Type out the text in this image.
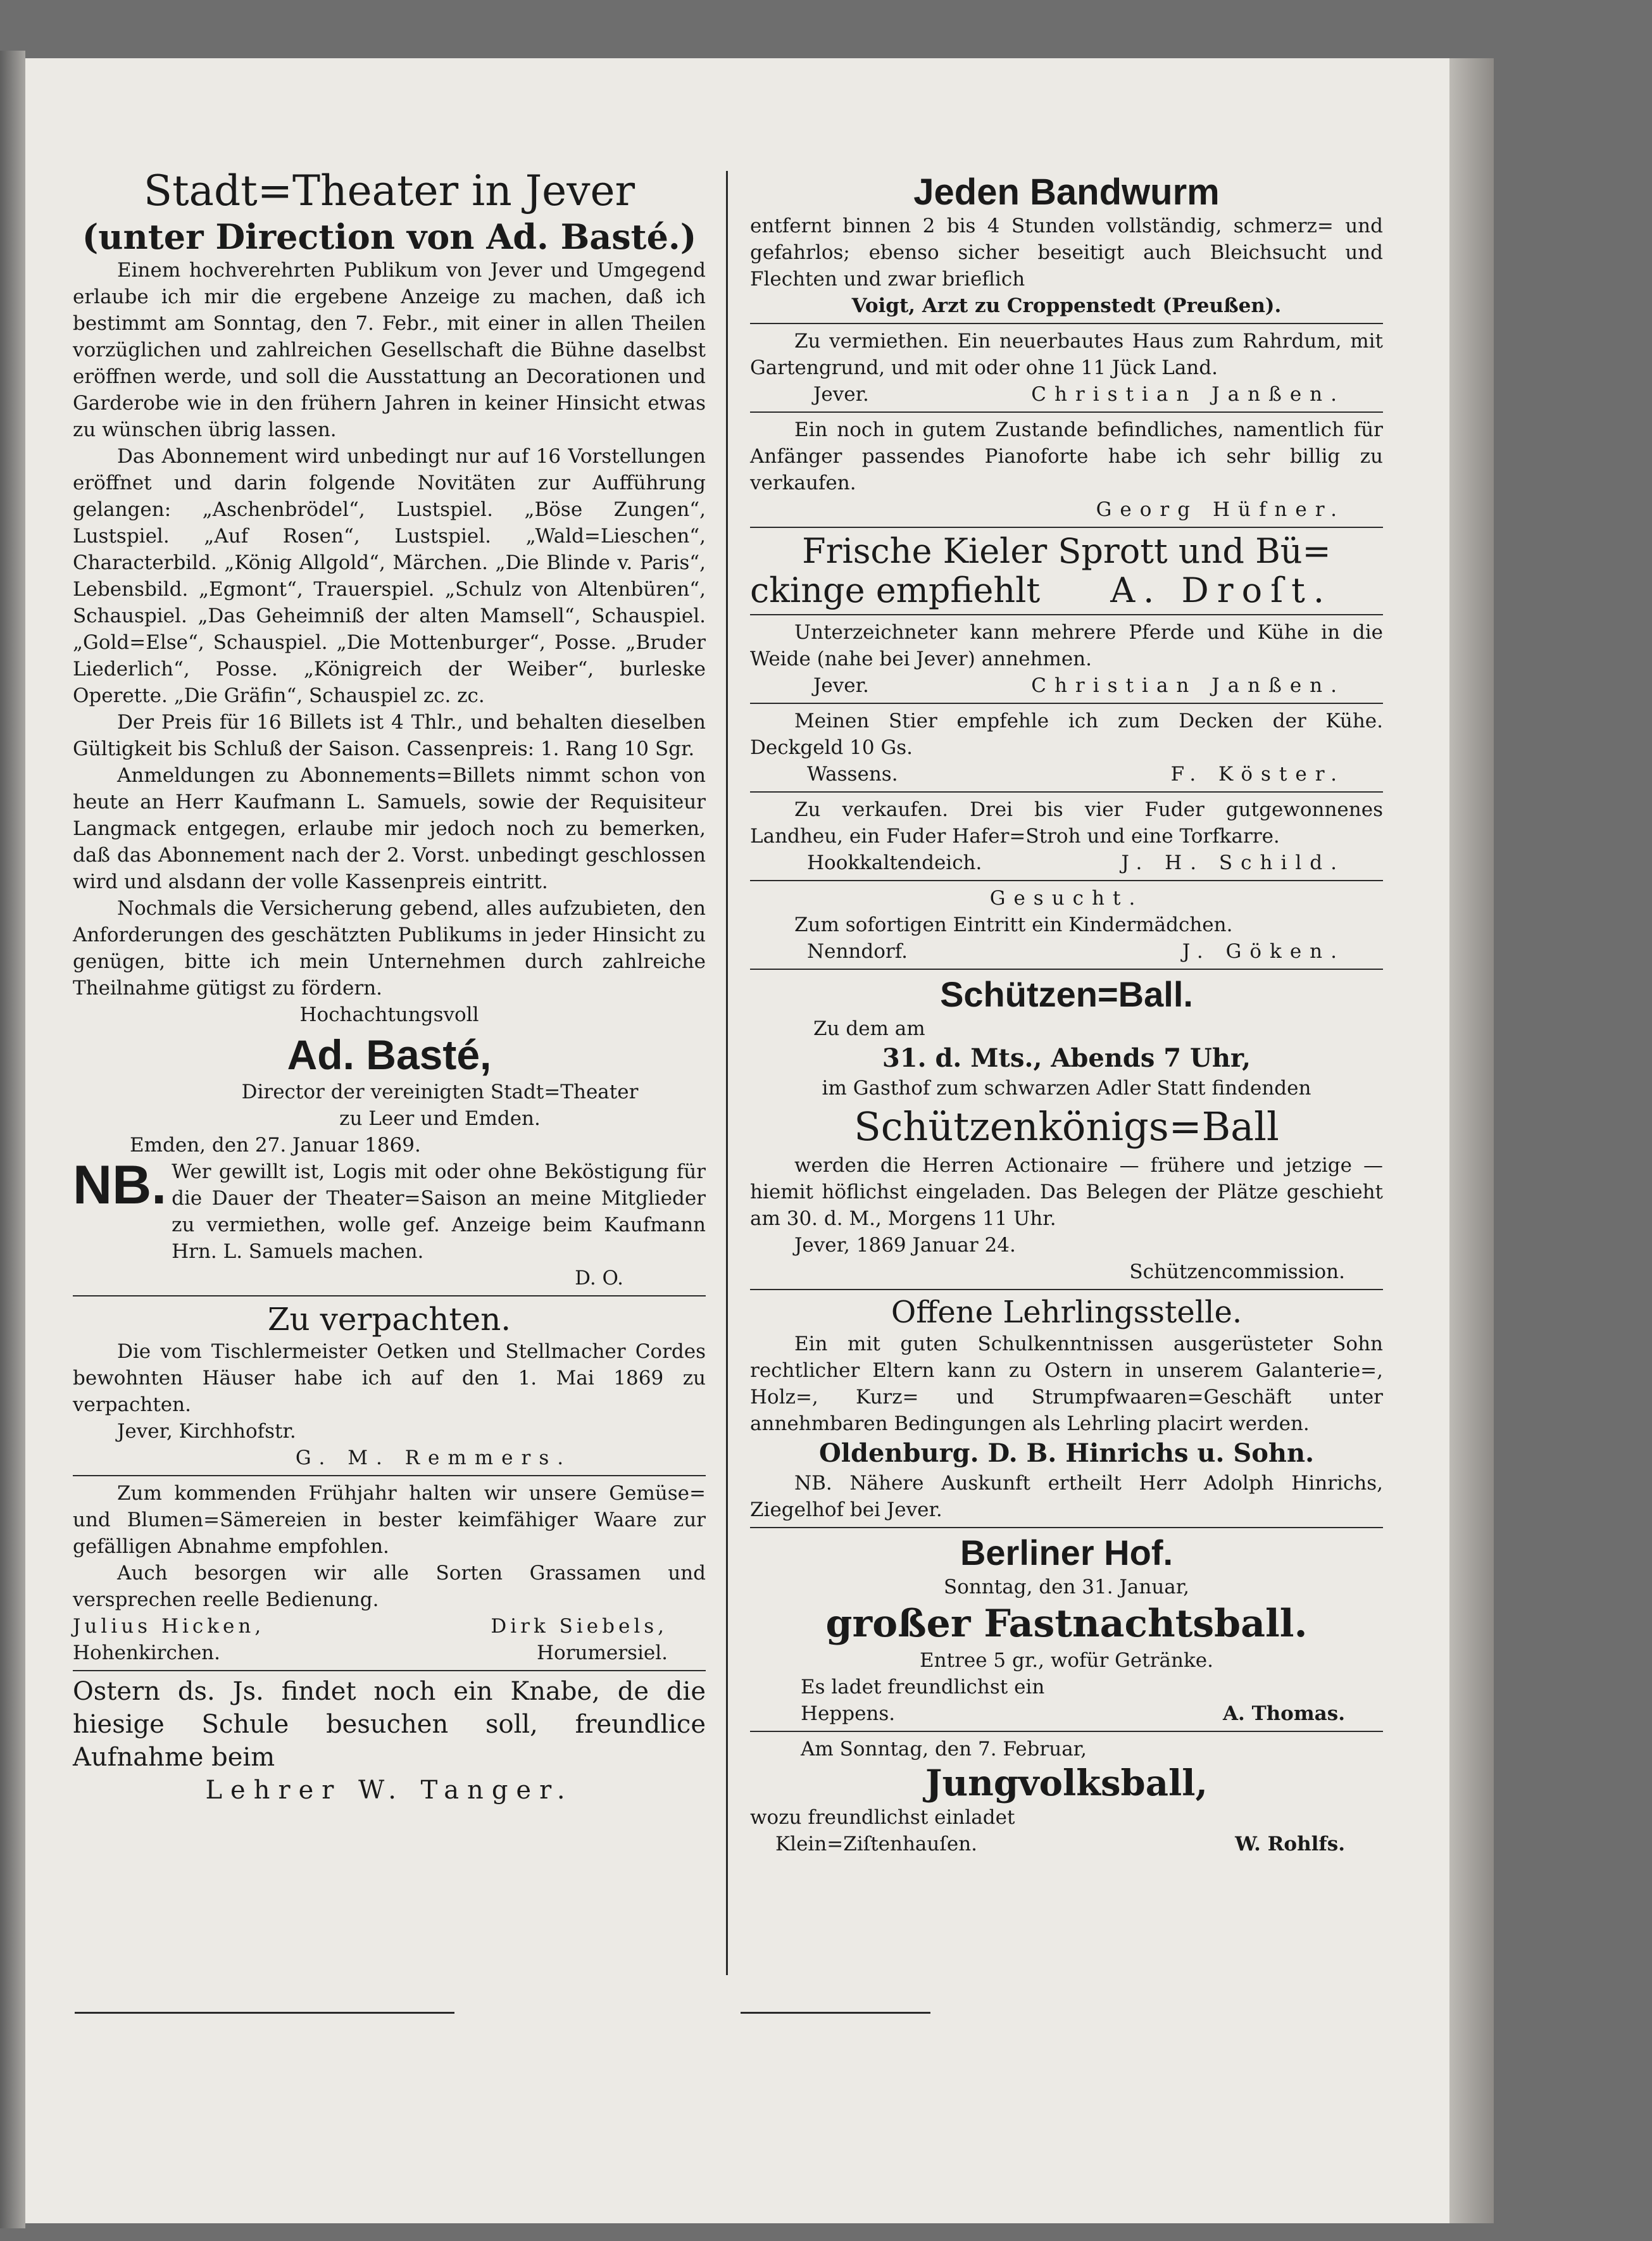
Stadt=Theater in Jever

(unter Direction von Ad. Basté.)

Einem hochverehrten Publikum von Jever und Umgegend erlaube ich mir die ergebene Anzeige zu machen, daß ich bestimmt am Sonntag, den 7. Febr., mit einer in allen Theilen vorzüglichen und zahlreichen Gesellschaft die Bühne daselbst eröffnen werde, und soll die Ausstattung an Decorationen und Garderobe wie in den frühern Jahren in keiner Hinsicht etwas zu wünschen übrig lassen.

Das Abonnement wird unbedingt nur auf 16 Vorstellungen eröffnet und darin folgende Novitäten zur Aufführung gelangen: „Aschenbrödel“, Lustspiel. „Böse Zungen“, Lustspiel. „Auf Rosen“, Lustspiel. „Wald=Lieschen“, Characterbild. „König Allgold“, Märchen. „Die Blinde v. Paris“, Lebensbild. „Egmont“, Trauerspiel. „Schulz von Altenbüren“, Schauspiel. „Das Geheimniß der alten Mamsell“, Schauspiel. „Gold=Else“, Schauspiel. „Die Mottenburger“, Posse. „Bruder Liederlich“, Posse. „Königreich der Weiber“, burleske Operette. „Die Gräfin“, Schauspiel zc. zc.

Der Preis für 16 Billets ist 4 Thlr., und behalten dieselben Gültigkeit bis Schluß der Saison. Cassenpreis: 1. Rang 10 Sgr.

Anmeldungen zu Abonnements=Billets nimmt schon von heute an Herr Kaufmann L. Samuels, sowie der Requisiteur Langmack entgegen, erlaube mir jedoch noch zu bemerken, daß das Abonnement nach der 2. Vorst. unbedingt geschlossen wird und alsdann der volle Kassenpreis eintritt.

Nochmals die Versicherung gebend, alles aufzubieten, den Anforderungen des geschätzten Publikums in jeder Hinsicht zu genügen, bitte ich mein Unternehmen durch zahlreiche Theilnahme gütigst zu fördern.

Hochachtungsvoll

Ad. Basté,

Director der vereinigten Stadt=Theater

zu Leer und Emden.

Emden, den 27. Januar 1869.

NB. Wer gewillt ist, Logis mit oder ohne Beköstigung für die Dauer der Theater=Saison an meine Mitglieder zu vermiethen, wolle gef. Anzeige beim Kaufmann Hrn. L. Samuels machen.

D. O.

Zu verpachten.

Die vom Tischlermeister Oetken und Stellmacher Cordes bewohnten Häuser habe ich auf den 1. Mai 1869 zu verpachten.

Jever, Kirchhofstr.

G. M. Remmers.

Zum kommenden Frühjahr halten wir unsere Gemüse= und Blumen=Sämereien in bester keimfähiger Waare zur gefälligen Abnahme empfohlen.

Auch besorgen wir alle Sorten Grassamen und versprechen reelle Bedienung.

Julius Hicken,	Dirk Siebels,
Hohenkirchen.	Horumersiel.

Ostern ds. Js. findet noch ein Knabe, de die hiesige Schule besuchen soll, freundlice Aufnahme beim

Lehrer W. Tanger.

Jeden Bandwurm

entfernt binnen 2 bis 4 Stunden vollständig, schmerz= und gefahrlos; ebenso sicher beseitigt auch Bleichsucht und Flechten und zwar brieflich

Voigt, Arzt zu Croppenstedt (Preußen).

Zu vermiethen. Ein neuerbautes Haus zum Rahrdum, mit Gartengrund, und mit oder ohne 11 Jück Land.

Jever.	Christian Janßen.

Ein noch in gutem Zustande befindliches, namentlich für Anfänger passendes Pianoforte habe ich sehr billig zu verkaufen.

Georg Hüfner.

Frische Kieler Sprott und Bü=

ckinge empfiehlt A. Droſt.

Unterzeichneter kann mehrere Pferde und Kühe in die Weide (nahe bei Jever) annehmen.

Jever.	Christian Janßen.

Meinen Stier empfehle ich zum Decken der Kühe. Deckgeld 10 Gs.

Wassens.	F. Köster.

Zu verkaufen. Drei bis vier Fuder gutgewonnenes Landheu, ein Fuder Hafer=Stroh und eine Torfkarre.

Hookkaltendeich.	J. H. Schild.

Gesucht.

Zum sofortigen Eintritt ein Kindermädchen.

Nenndorf.	J. Göken.

Schützen=Ball.

Zu dem am

31. d. Mts., Abends 7 Uhr,

im Gasthof zum schwarzen Adler Statt findenden

Schützenkönigs=Ball

werden die Herren Actionaire — frühere und jetzige — hiemit höflichst eingeladen. Das Belegen der Plätze geschieht am 30. d. M., Morgens 11 Uhr.

Jever, 1869 Januar 24.

Schützencommission.

Offene Lehrlingsstelle.

Ein mit guten Schulkenntnissen ausgerüsteter Sohn rechtlicher Eltern kann zu Ostern in unserem Galanterie=, Holz=, Kurz= und Strumpfwaaren=Geschäft unter annehmbaren Bedingungen als Lehrling placirt werden.

Oldenburg. D. B. Hinrichs u. Sohn.

NB. Nähere Auskunft ertheilt Herr Adolph Hinrichs, Ziegelhof bei Jever.

Berliner Hof.

Sonntag, den 31. Januar,

großer Fastnachtsball.

Entree 5 gr., wofür Getränke.

Es ladet freundlichst ein

Heppens.	A. Thomas.

Am Sonntag, den 7. Februar,

Jungvolksball,

wozu freundlichst einladet

Klein=Ziſtenhauſen.	W. Rohlfs.
